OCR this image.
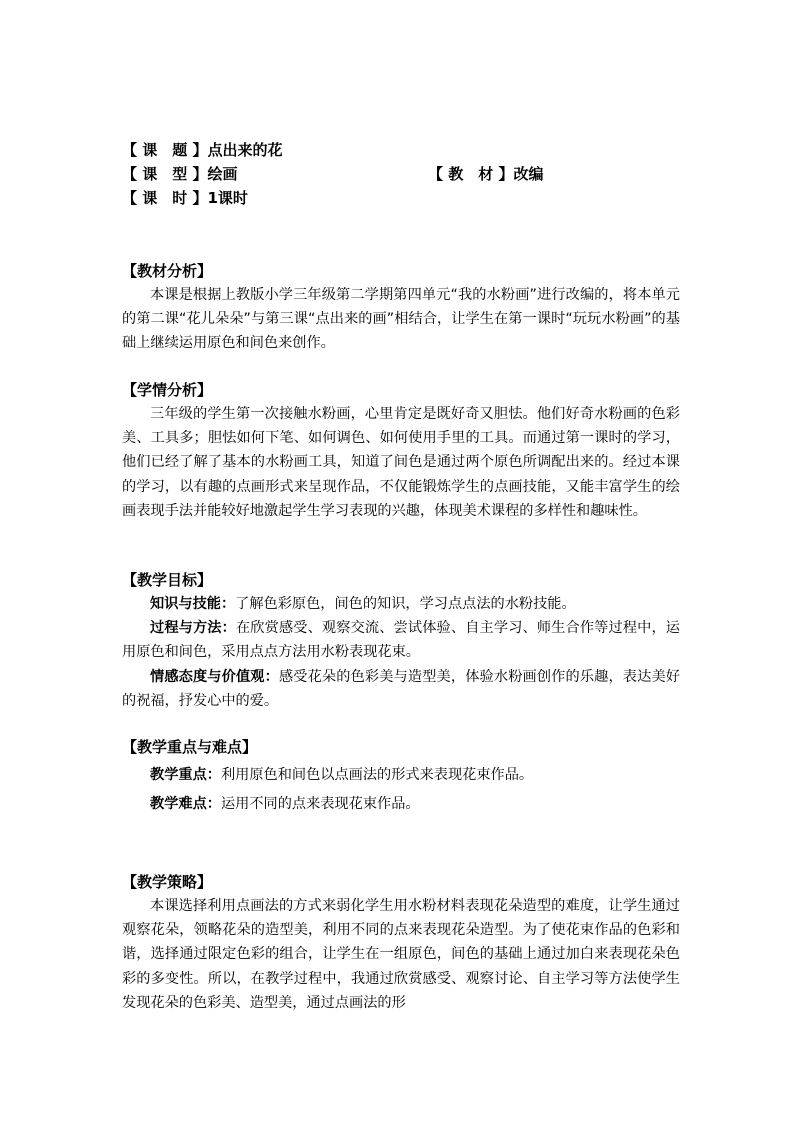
【 课　题 】点出来的花
【 课　型 】绘画	【 教　材 】改编
【 课　时 】1课时

【教材分析】

本课是根据上教版小学三年级第二学期第四单元“我的水粉画”进行改编的，将本单元的第二课“花儿朵朵”与第三课“点出来的画”相结合，让学生在第一课时“玩玩水粉画”的基础上继续运用原色和间色来创作。

【学情分析】

三年级的学生第一次接触水粉画，心里肯定是既好奇又胆怯。他们好奇水粉画的色彩美、工具多；胆怯如何下笔、如何调色、如何使用手里的工具。而通过第一课时的学习，他们已经了解了基本的水粉画工具，知道了间色是通过两个原色所调配出来的。经过本课的学习，以有趣的点画形式来呈现作品，不仅能锻炼学生的点画技能，又能丰富学生的绘画表现手法并能较好地激起学生学习表现的兴趣，体现美术课程的多样性和趣味性。

【教学目标】

知识与技能：了解色彩原色，间色的知识，学习点点法的水粉技能。

过程与方法：在欣赏感受、观察交流、尝试体验、自主学习、师生合作等过程中，运用原色和间色，采用点点方法用水粉表现花束。

情感态度与价值观：感受花朵的色彩美与造型美，体验水粉画创作的乐趣，表达美好的祝福，抒发心中的爱。

【教学重点与难点】

教学重点：利用原色和间色以点画法的形式来表现花束作品。

教学难点：运用不同的点来表现花束作品。

【教学策略】

本课选择利用点画法的方式来弱化学生用水粉材料表现花朵造型的难度，让学生通过观察花朵，领略花朵的造型美，利用不同的点来表现花朵造型。为了使花束作品的色彩和谐，选择通过限定色彩的组合，让学生在一组原色，间色的基础上通过加白来表现花朵色彩的多变性。所以，在教学过程中，我通过欣赏感受、观察讨论、自主学习等方法使学生发现花朵的色彩美、造型美，通过点画法的形
